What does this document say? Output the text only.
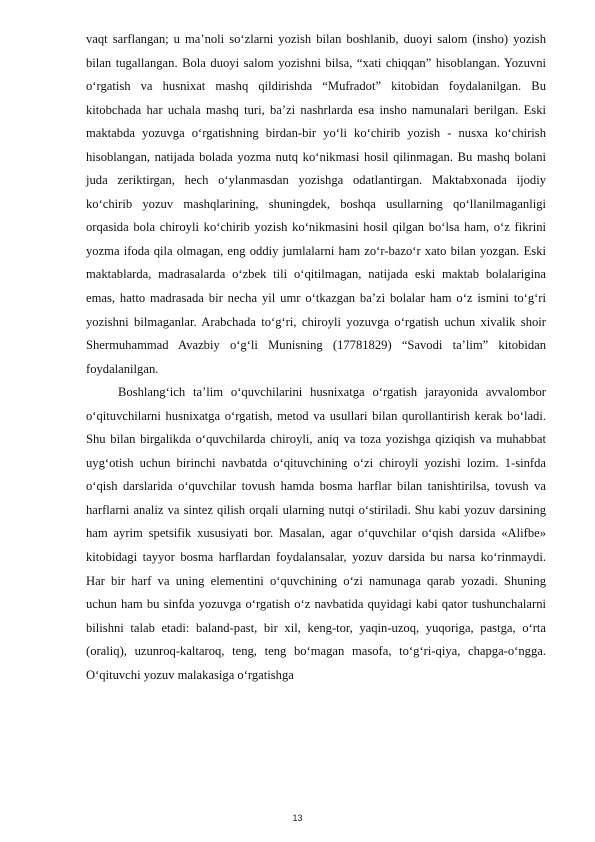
vaqt sarflangan; u ma’noli so‘zlarni yozish bilan boshlanib, duoyi salom (insho) yozish bilan tugallangan. Bola duoyi salom yozishni bilsa, “xati chiqqan” hisoblangan. Yozuvni o‘rgatish va husnixat mashq qildirishda “Mufradot” kitobidan foydalanilgan. Bu kitobchada har uchala mashq turi, ba’zi nashrlarda esa insho namunalari berilgan. Eski maktabda yozuvga o‘rgatishning birdan-bir yo‘li ko‘chirib yozish - nusxa ko‘chirish hisoblangan, natijada bolada yozma nutq ko‘nikmasi hosil qilinmagan. Bu mashq bolani juda zeriktirgan, hech o‘ylanmasdan yozishga odatlantirgan. Maktabxonada ijodiy ko‘chirib yozuv mashqlarining, shuningdek, boshqa usullarning qo‘llanilmaganligi orqasida bola chiroyli ko‘chirib yozish ko‘nikmasini hosil qilgan bo‘lsa ham, o‘z fikrini yozma ifoda qila olmagan, eng oddiy jumlalarni ham zo‘r-bazo‘r xato bilan yozgan. Eski maktablarda, madrasalarda o‘zbek tili o‘qitilmagan, natijada eski maktab bolalarigina emas, hatto madrasada bir necha yil umr o‘tkazgan ba’zi bolalar ham o‘z ismini to‘g‘ri yozishni bilmaganlar. Arabchada to‘g‘ri, chiroyli yozuvga o‘rgatish uchun xivalik shoir Shermuhammad Avazbiy o‘g‘li Munisning (17781829) “Savodi ta’lim” kitobidan foydalanilgan.

Boshlang‘ich ta’lim o‘quvchilarini husnixatga o‘rgatish jarayonida avvalombor o‘qituvchilarni husnixatga o‘rgatish, metod va usullari bilan qurollantirish kerak bo‘ladi. Shu bilan birgalikda o‘quvchilarda chiroyli, aniq va toza yozishga qiziqish va muhabbat uyg‘otish uchun birinchi navbatda o‘qituvchining o‘zi chiroyli yozishi lozim. 1-sinfda o‘qish darslarida o‘quvchilar tovush hamda bosma harflar bilan tanishtirilsa, tovush va harflarni analiz va sintez qilish orqali ularning nutqi o‘stiriladi. Shu kabi yozuv darsining ham ayrim spetsifik xususiyati bor. Masalan, agar o‘quvchilar o‘qish darsida «Alifbe» kitobidagi tayyor bosma harflardan foydalansalar, yozuv darsida bu narsa ko‘rinmaydi. Har bir harf va uning elementini o‘quvchining o‘zi namunaga qarab yozadi. Shuning uchun ham bu sinfda yozuvga o‘rgatish o‘z navbatida quyidagi kabi qator tushunchalarni bilishni talab etadi: baland-past, bir xil, keng-tor, yaqin-uzoq, yuqoriga, pastga, o‘rta (oraliq), uzunroq-kaltaroq, teng, teng bo‘magan masofa, to‘g‘ri-qiya, chapga-o‘ngga. O‘qituvchi yozuv malakasiga o‘rgatishga

13
